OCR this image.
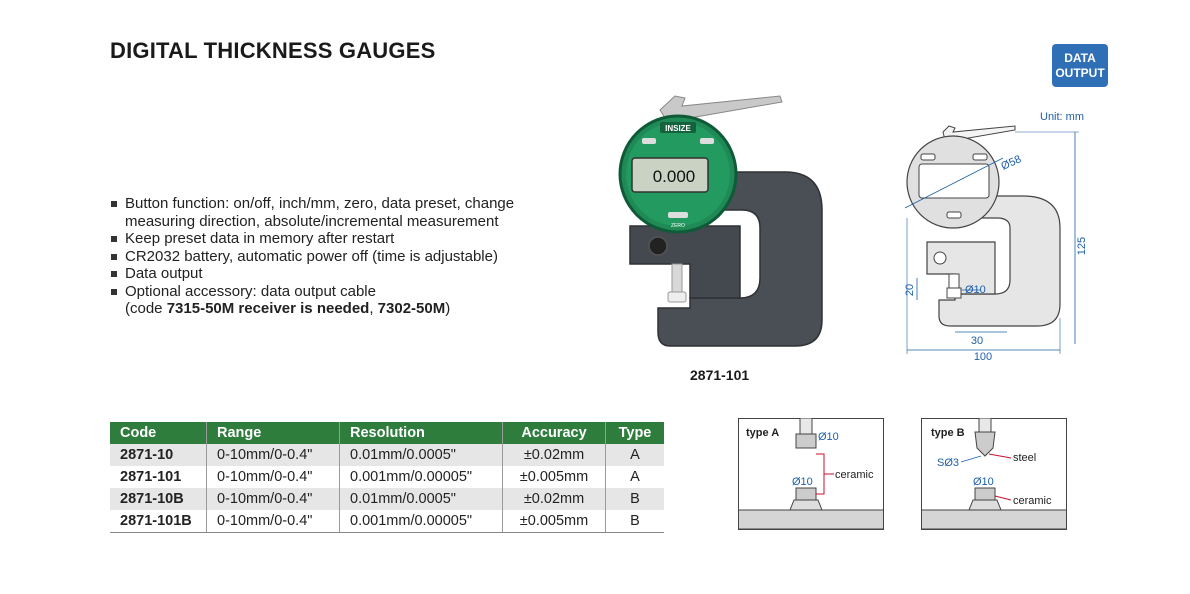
DIGITAL THICKNESS GAUGES	DATA
OUTPUT
Button function: on/off, inch/mm, zero, data preset, change
measuring direction, absolute/incremental measurement
Keep preset data in memory after restart
CR2032 battery, automatic power off (time is adjustable)
Data output
Optional accessory: data output cable
(code 7315-50M receiver is needed, 7302-50M)
INSIZE
0.000
ZERO
2871-101
Unit: mm
Ø58
125
20	Ø10
30
100
Code	Range	Resolution	Accuracy	Type
2871-10	0-10mm/0-0.4"	0.01mm/0.0005"	±0.02mm	A
2871-101	0-10mm/0-0.4"	0.001mm/0.00005"	±0.005mm	A
2871-10B	0-10mm/0-0.4"	0.01mm/0.0005"	±0.02mm	B
2871-101B	0-10mm/0-0.4"	0.001mm/0.00005"	±0.005mm	B
type A	Ø10
Ø10
ceramic
type B
SØ3	steel
Ø10
ceramic
